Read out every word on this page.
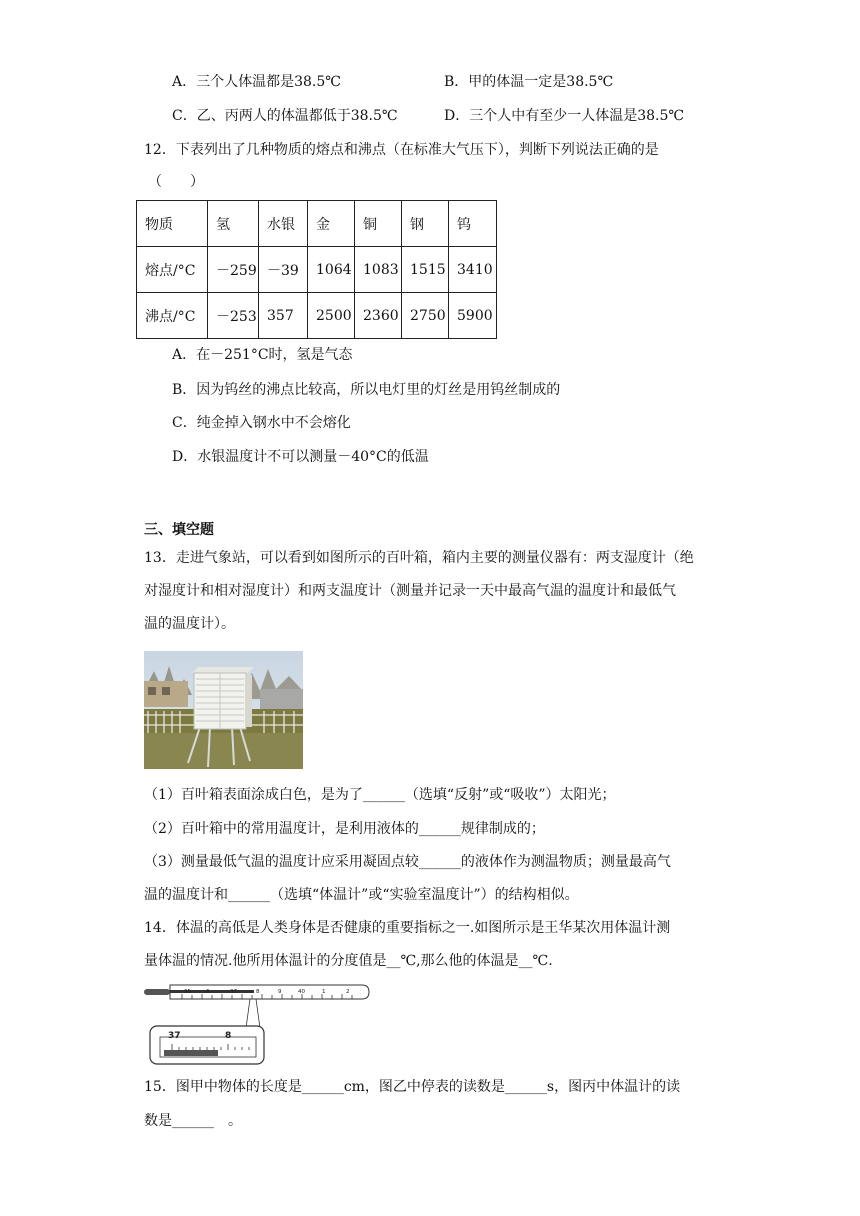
A．三个人体温都是38.5℃	B．甲的体温一定是38.5℃
C．乙、丙两人的体温都低于38.5℃	D．三个人中有至少一人体温是38.5℃
12．下表列出了几种物质的熔点和沸点（在标准大气压下），判断下列说法正确的是
（　　）
物质	氢	水银	金	铜	钢	钨
熔点/°C	－259	－39	1064	1083	1515	3410
沸点/°C	－253	357	2500	2360	2750	5900
A．在－251°C时，氢是气态
B．因为钨丝的沸点比较高，所以电灯里的灯丝是用钨丝制成的
C．纯金掉入钢水中不会熔化
D．水银温度计不可以测量－40°C的低温
三、填空题
13．走进气象站，可以看到如图所示的百叶箱，箱内主要的测量仪器有：两支湿度计（绝
对湿度计和相对湿度计）和两支温度计（测量并记录一天中最高气温的温度计和最低气
温的温度计）。
（1）百叶箱表面涂成白色，是为了______（选填“反射”或“吸收”）太阳光；
（2）百叶箱中的常用温度计，是利用液体的______规律制成的；
（3）测量最低气温的温度计应采用凝固点较______的液体作为测温物质；测量最高气
温的温度计和______（选填“体温计”或“实验室温度计”）的结构相似。
14．体温的高低是人类身体是否健康的重要指标之一.如图所示是王华某次用体温计测
量体温的情况.他所用体温计的分度值是__℃,那么他的体温是__℃.
35	6	37	8	9	40	1	2
37	8
15．图甲中物体的长度是______cm，图乙中停表的读数是______s，图丙中体温计的读
数是______　。
